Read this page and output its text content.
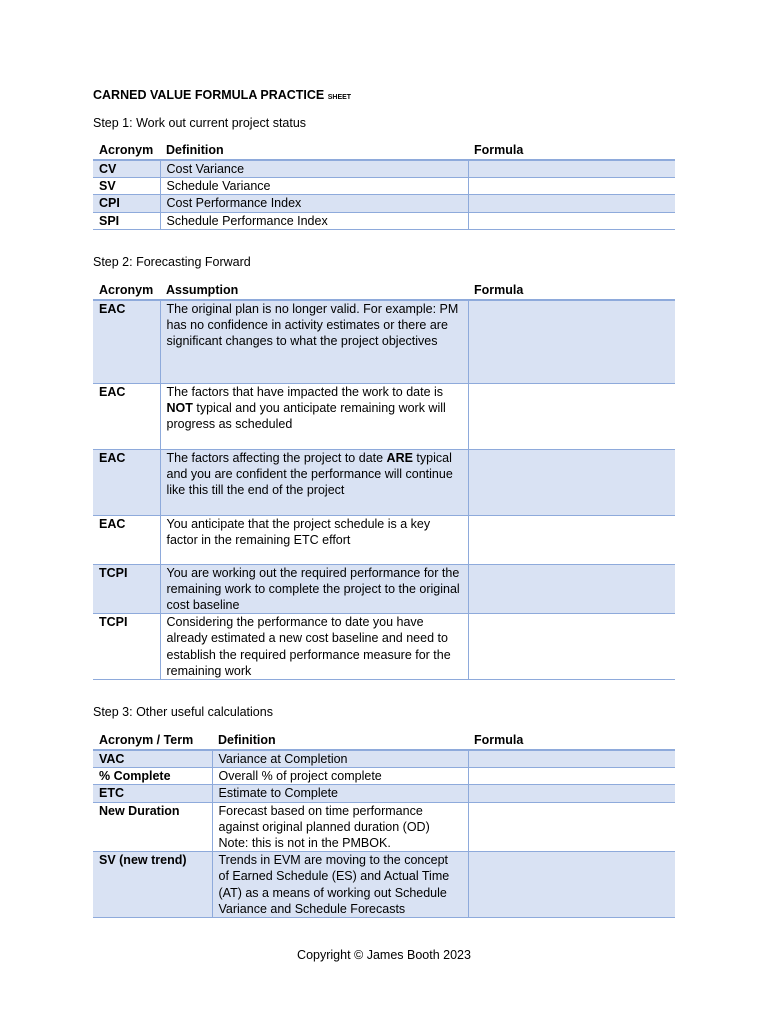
CARNED VALUE FORMULA PRACTICE SHEET
Step 1: Work out current project status
Acronym	Definition	Formula
CV	Cost Variance	
SV	Schedule Variance	
CPI	Cost Performance Index	
SPI	Schedule Performance Index	
Step 2: Forecasting Forward
Acronym	Assumption	Formula
EAC	The original plan is no longer valid. For example: PM has no confidence in activity estimates or there are significant changes to what the project objectives	
EAC	The factors that have impacted the work to date is NOT typical and you anticipate remaining work will progress as scheduled	
EAC	The factors affecting the project to date ARE typical and you are confident the performance will continue like this till the end of the project	
EAC	You anticipate that the project schedule is a key factor in the remaining ETC effort	
TCPI	You are working out the required performance for the remaining work to complete the project to the original cost baseline	
TCPI	Considering the performance to date you have already estimated a new cost baseline and need to establish the required performance measure for the remaining work	
Step 3: Other useful calculations
Acronym / Term	Definition	Formula
VAC	Variance at Completion	
% Complete	Overall % of project complete	
ETC	Estimate to Complete	
New Duration	Forecast based on time performance against original planned duration (OD) Note: this is not in the PMBOK.	
SV (new trend)	Trends in EVM are moving to the concept of Earned Schedule (ES) and Actual Time (AT) as a means of working out Schedule Variance and Schedule Forecasts	
Copyright © James Booth 2023
